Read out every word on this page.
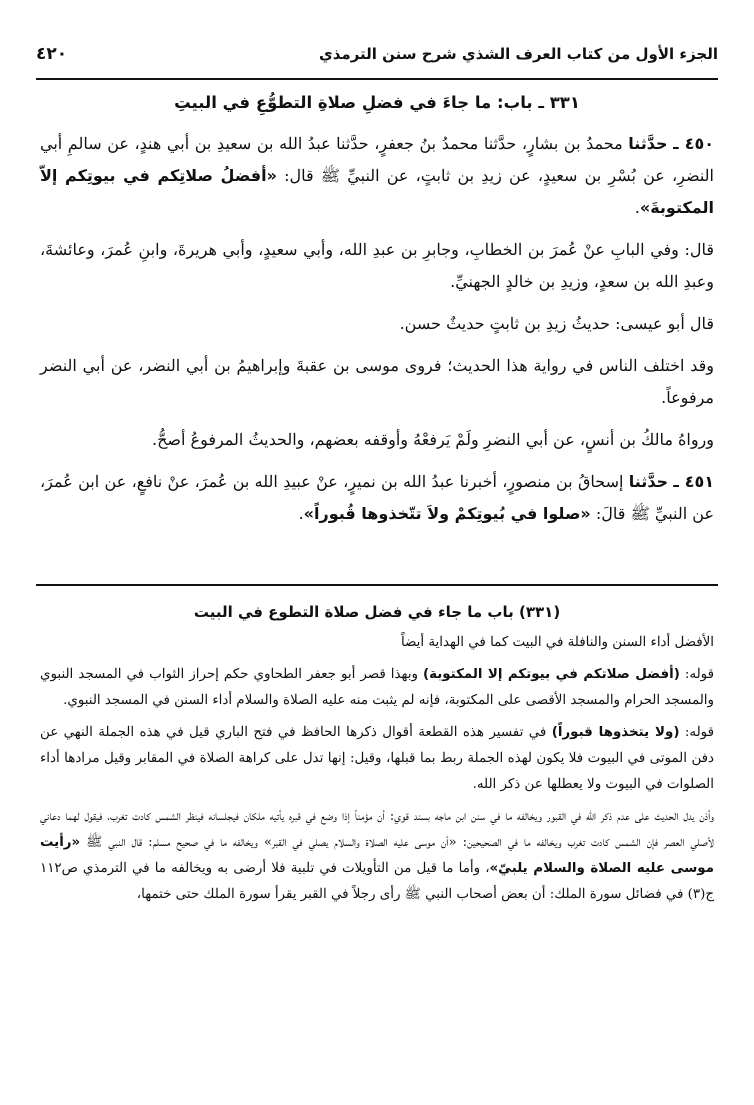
الجزء الأول من كتاب العرف الشذي شرح سنن الترمذي
٤٢٠
٣٣١ ـ باب: ما جاءَ في فضلِ صلاةِ التطوُّعِ في البيتِ

٤٥٠ ـ حدَّثنا محمدُ بن بشارٍ، حدَّثنا محمدُ بنُ جعفرٍ، حدَّثنا عبدُ الله بن سعيدِ بن أبي هندٍ، عن سالمِ أبي النضرِ، عن بُسْرِ بن سعيدٍ، عن زيدِ بن ثابتٍ، عن النبيِّ ﷺ قال: «أفضلُ صلاتِكم في بيوتِكم إلاّ المكتوبةَ».

قال: وفي البابِ عنْ عُمرَ بن الخطابِ، وجابرِ بن عبدِ الله، وأبي سعيدٍ، وأبي هريرةَ، وابنِ عُمرَ، وعائشةَ، وعبدِ الله بن سعدٍ، وزيدِ بن خالدٍ الجهنيِّ.

قال أبو عيسى: حديثُ زيدِ بن ثابتٍ حديثٌ حسن.

وقد اختلف الناس في رواية هذا الحديث؛ فروى موسى بن عقبةَ وإبراهيمُ بن أبي النضر، عن أبي النضر مرفوعاً.

ورواهُ مالكُ بن أنسٍ، عن أبي النضرِ ولَمْ يَرفعْهُ وأوقفه بعضهم، والحديثُ المرفوعُ أصحُّ.

٤٥١ ـ حدَّثنا إسحاقُ بن منصورٍ، أخبرنا عبدُ الله بن نميرٍ، عنْ عبيدِ الله بن عُمرَ، عنْ نافعٍ، عن ابن عُمرَ، عن النبيِّ ﷺ قالَ: «صلوا في بُيوتِكمْ ولاَ تتّخذوها قُبوراً».

(٣٣١) باب ما جاء في فضل صلاة التطوع في البيت

الأفضل أداء السنن والنافلة في البيت كما في الهداية أيضاً

قوله: (أفضل صلاتكم في بيوتكم إلا المكتوبة) وبهذا قصر أبو جعفر الطحاوي حكم إحراز الثواب في المسجد النبوي والمسجد الحرام والمسجد الأقصى على المكتوبة، فإنه لم يثبت منه عليه الصلاة والسلام أداء السنن في المسجد النبوي.

قوله: (ولا يتخذوها قبوراً) في تفسير هذه القطعة أقوال ذكرها الحافظ في فتح الباري قيل في هذه الجملة النهي عن دفن الموتى في البيوت فلا يكون لهذه الجملة ربط بما قبلها، وقيل: إنها تدل على كراهة الصلاة في المقابر وقيل مرادها أداء الصلوات في البيوت ولا يعطلها عن ذكر الله.

وأذن يدل الحديث على عدم ذكر الله في القبور ويخالفه ما في سنن ابن ماجه بسند قوي: أن مؤمناً إذا وضع في قبره يأتيه ملكان فيجلسانه فينظر الشمس كادت تغرب، فيقول لهما دعاني لأصلي العصر فإن الشمس كادت تغرب ويخالفه ما في الصحيحين: «أن موسى عليه الصلاة والسلام يصلي في القبر» ويخالفه ما في صحيح مسلم: قال النبي ﷺ «رأيت موسى عليه الصلاة والسلام يلبيّ»، وأما ما قيل من التأويلات في تلبية فلا أرضى به ويخالفه ما في الترمذي ص١١٢ ج(٣) في فضائل سورة الملك: أن بعض أصحاب النبي ﷺ رأى رجلاً في القبر يقرأ سورة الملك حتى ختمها،
